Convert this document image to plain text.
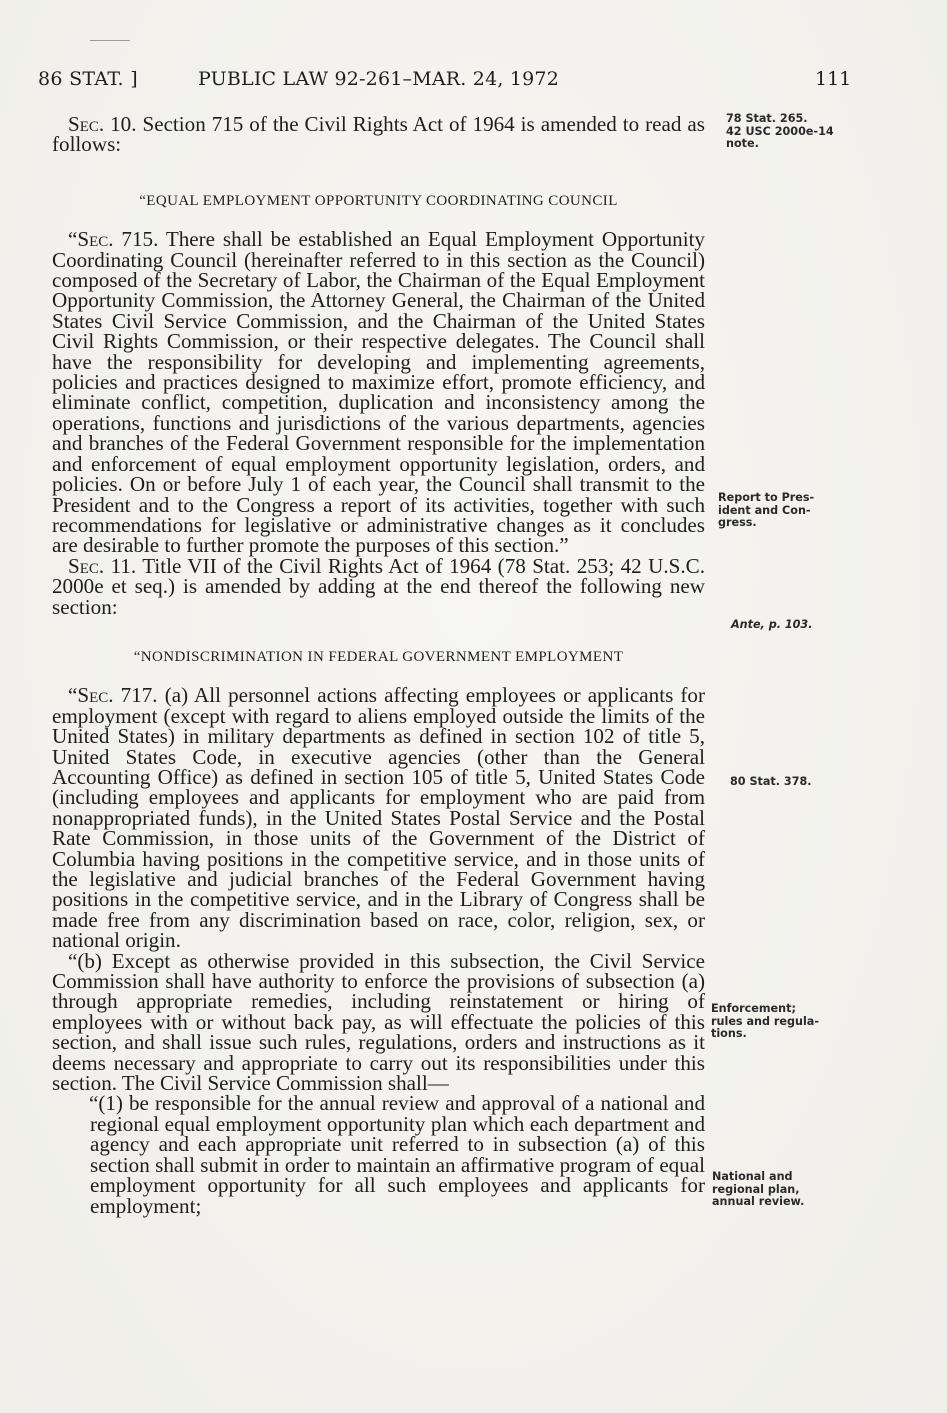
86 STAT. ]	PUBLIC LAW 92-261–MAR. 24, 1972	111
78 Stat. 265.
42 USC 2000e-14
note.
Report to Pres-
ident and Con-
gress.
Ante, p. 103.
80 Stat. 378.
Enforcement;
rules and regula-
tions.
National and
regional plan,
annual review.

Sec. 10. Section 715 of the Civil Rights Act of 1964 is amended to read as follows:

“EQUAL EMPLOYMENT OPPORTUNITY COORDINATING COUNCIL

“Sec. 715. There shall be established an Equal Employment Opportunity Coordinating Council (hereinafter referred to in this section as the Council) composed of the Secretary of Labor, the Chairman of the Equal Employment Opportunity Commission, the Attorney General, the Chairman of the United States Civil Service Commission, and the Chairman of the United States Civil Rights Commission, or their respective delegates. The Council shall have the responsibility for developing and implementing agreements, policies and practices designed to maximize effort, promote efficiency, and eliminate conflict, competition, duplication and inconsistency among the operations, functions and jurisdictions of the various departments, agencies and branches of the Federal Government responsible for the implementation and enforcement of equal employment opportunity legislation, orders, and policies. On or before July 1 of each year, the Council shall transmit to the President and to the Congress a report of its activities, together with such recommendations for legislative or administrative changes as it concludes are desirable to further promote the purposes of this section.”

Sec. 11. Title VII of the Civil Rights Act of 1964 (78 Stat. 253; 42 U.S.C. 2000e et seq.) is amended by adding at the end thereof the following new section:

“NONDISCRIMINATION IN FEDERAL GOVERNMENT EMPLOYMENT

“Sec. 717. (a) All personnel actions affecting employees or applicants for employment (except with regard to aliens employed outside the limits of the United States) in military departments as defined in section 102 of title 5, United States Code, in executive agencies (other than the General Accounting Office) as defined in section 105 of title 5, United States Code (including employees and applicants for employment who are paid from nonappropriated funds), in the United States Postal Service and the Postal Rate Commission, in those units of the Government of the District of Columbia having positions in the competitive service, and in those units of the legislative and judicial branches of the Federal Government having positions in the competitive service, and in the Library of Congress shall be made free from any discrimination based on race, color, religion, sex, or national origin.

“(b) Except as otherwise provided in this subsection, the Civil Service Commission shall have authority to enforce the provisions of subsection (a) through appropriate remedies, including reinstatement or hiring of employees with or without back pay, as will effectuate the policies of this section, and shall issue such rules, regulations, orders and instructions as it deems necessary and appropriate to carry out its responsibilities under this section. The Civil Service Commission shall—

“(1) be responsible for the annual review and approval of a national and regional equal employment opportunity plan which each department and agency and each appropriate unit referred to in subsection (a) of this section shall submit in order to maintain an affirmative program of equal employment opportunity for all such employees and applicants for employment;
